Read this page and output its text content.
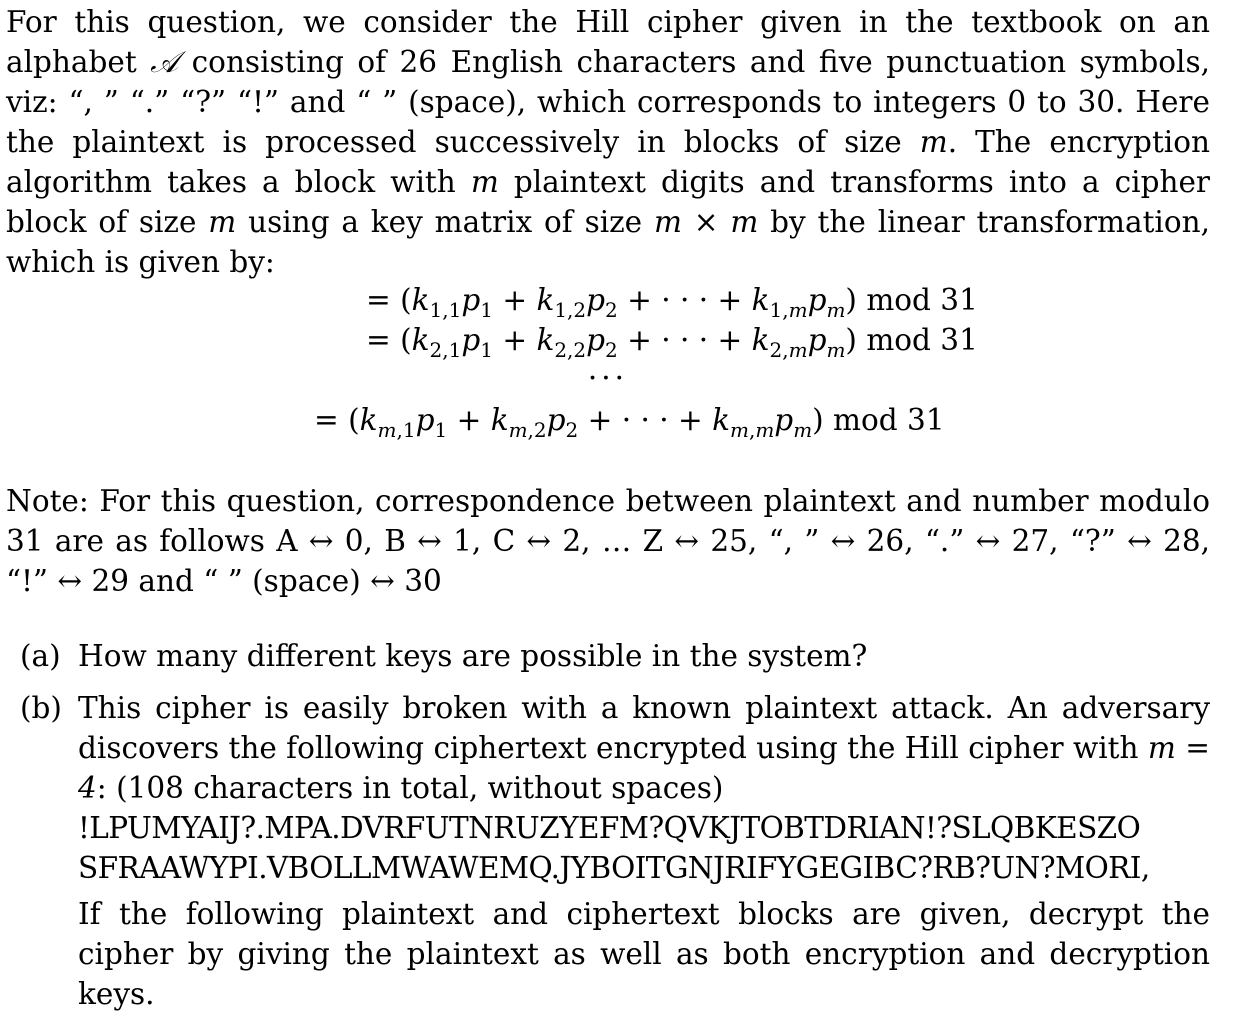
For this question, we consider the Hill cipher given in the textbook on an alphabet 𝒜 consisting of 26 English characters and five punctuation symbols, viz: “, ” “.” “?” “!” and “ ” (space), which corresponds to integers 0 to 30. Here the plaintext is processed successively in blocks of size m. The encryption algorithm takes a block with m plaintext digits and transforms into a cipher block of size m using a key matrix of size m × m by the linear transformation, which is given by:

= ($k_{1,1}p_1 + k_{1,2}p_2$ + · · · + $k_{1,m}p_m$) mod 31
= ($k_{2,1}p_1 + k_{2,2}p_2$ + · · · + $k_{2,m}p_m$) mod 31
···
= ($k_{m,1}p_1 + k_{m,2}p_2$ + · · · + $k_{m,m}p_m$) mod 31

Note: For this question, correspondence between plaintext and number modulo 31 are as follows A ↔ 0, B ↔ 1, C ↔ 2, … Z ↔ 25, “, ” ↔ 26, “.” ↔ 27, “?” ↔ 28, “!” ↔ 29 and “ ” (space) ↔ 30

(a) How many different keys are possible in the system?
(b) This cipher is easily broken with a known plaintext attack. An adversary discovers the following ciphertext encrypted using the Hill cipher with m = 4: (108 characters in total, without spaces)
!LPUMYAIJ?.MPA.DVRFUTNRUZYEFM?QVKJTOBTDRIAN!?SLQBKESZO
SFRAAWYPI.VBOLLMWAWEMQ.JYBOITGNJRIFYGEGIBC?RB?UN?MORI,
If the following plaintext and ciphertext blocks are given, decrypt the cipher by giving the plaintext as well as both encryption and decryption keys.
